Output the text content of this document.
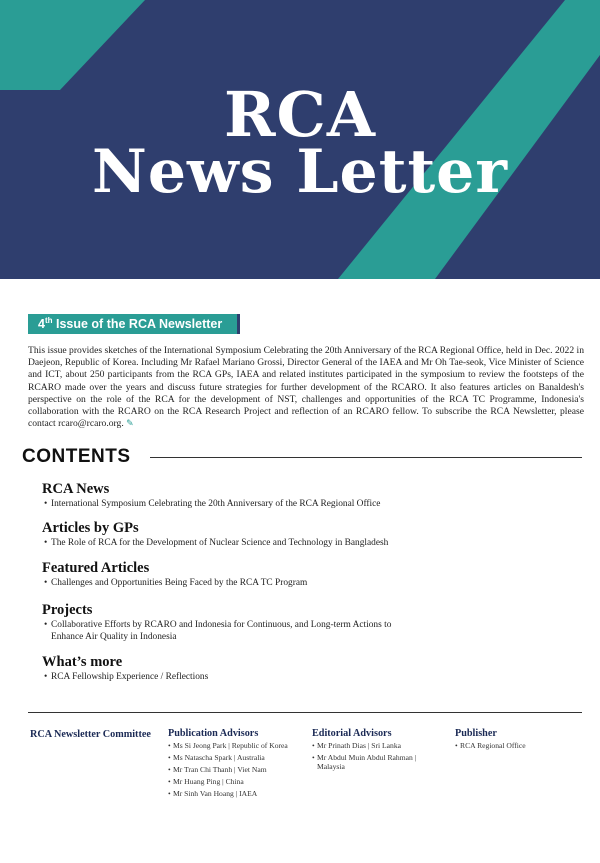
RCA
News Letter
4th Issue of the RCA Newsletter
This issue provides sketches of the International Symposium Celebrating the 20th Anniversary of the RCA Regional Office, held in Dec. 2022 in Daejeon, Republic of Korea. Including Mr Rafael Mariano Grossi, Director General of the IAEA and Mr Oh Tae-seok, Vice Minister of Science and ICT, about 250 participants from the RCA GPs, IAEA and related institutes participated in the symposium to review the footsteps of the RCARO made over the years and discuss future strategies for further development of the RCARO. It also features articles on Banaldesh's perspective on the role of the RCA for the development of NST, challenges and opportunities of the RCA TC Programme, Indonesia's collaboration with the RCARO on the RCA Research Project and reflection of an RCARO fellow. To subscribe the RCA Newsletter, please contact rcaro@rcaro.org. ✎
CONTENTS
RCA News
• International Symposium Celebrating the 20th Anniversary of the RCA Regional Office
Articles by GPs
• The Role of RCA for the Development of Nuclear Science and Technology in Bangladesh
Featured Articles
• Challenges and Opportunities Being Faced by the RCA TC Program
Projects
• Collaborative Efforts by RCARO and Indonesia for Continuous, and Long-term Actions to Enhance Air Quality in Indonesia
What’s more
• RCA Fellowship Experience / Reflections
RCA Newsletter Committee Publication Advisors
• Ms Si Jeong Park | Republic of Korea
• Ms Natascha Spark | Australia
• Mr Tran Chi Thanh | Viet Nam
• Mr Huang Ping | China
• Mr Sinh Van Hoang | IAEA
Editorial Advisors
• Mr Prinath Dias | Sri Lanka
• Mr Abdul Muin Abdul Rahman | Malaysia
Publisher
• RCA Regional Office
